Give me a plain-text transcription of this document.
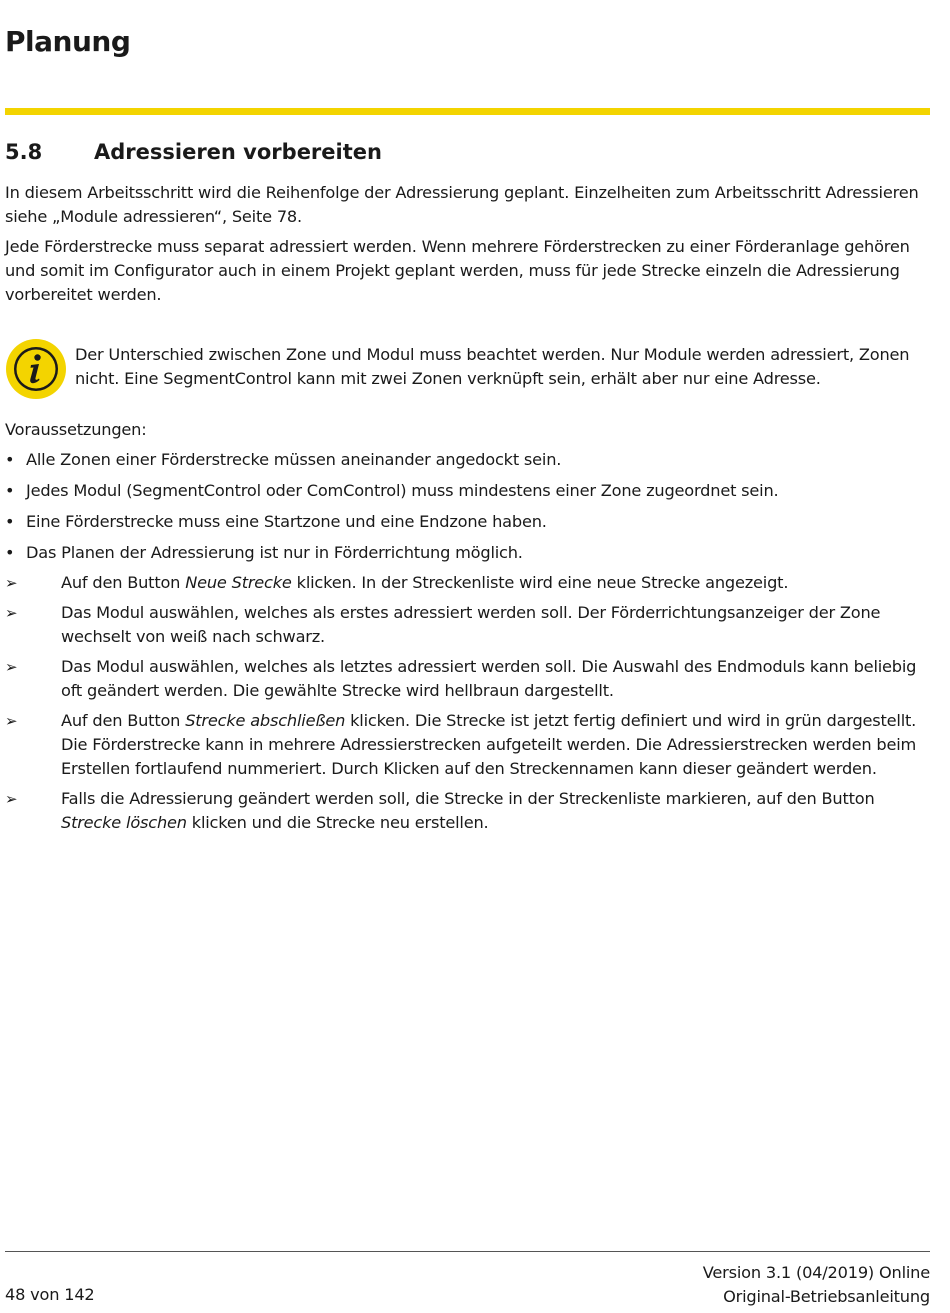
Planung
5.8 Adressieren vorbereiten

In diesem Arbeitsschritt wird die Reihenfolge der Adressierung geplant. Einzelheiten zum Arbeitsschritt Adressieren siehe „Module adressieren“, Seite 78.

Jede Förderstrecke muss separat adressiert werden. Wenn mehrere Förderstrecken zu einer Förderanlage gehören und somit im Configurator auch in einem Projekt geplant werden, muss für jede Strecke einzeln die Adressierung vorbereitet werden.

Der Unterschied zwischen Zone und Modul muss beachtet werden. Nur Module werden adressiert, Zonen nicht. Eine SegmentControl kann mit zwei Zonen verknüpft sein, erhält aber nur eine Adresse.

Voraussetzungen:
• Alle Zonen einer Förderstrecke müssen aneinander angedockt sein.
• Jedes Modul (SegmentControl oder ComControl) muss mindestens einer Zone zugeordnet sein.
• Eine Förderstrecke muss eine Startzone und eine Endzone haben.
• Das Planen der Adressierung ist nur in Förderrichtung möglich.
➢	Auf den Button Neue Strecke klicken. In der Streckenliste wird eine neue Strecke angezeigt.
➢	Das Modul auswählen, welches als erstes adressiert werden soll. Der Förderrichtungsanzeiger der Zone wechselt von weiß nach schwarz.
➢	Das Modul auswählen, welches als letztes adressiert werden soll. Die Auswahl des Endmoduls kann beliebig oft geändert werden. Die gewählte Strecke wird hellbraun dargestellt.
➢	Auf den Button Strecke abschließen klicken. Die Strecke ist jetzt fertig definiert und wird in grün dargestellt. Die Förderstrecke kann in mehrere Adressierstrecken aufgeteilt werden. Die Adressierstrecken werden beim Erstellen fortlaufend nummeriert. Durch Klicken auf den Streckennamen kann dieser geändert werden.
➢	Falls die Adressierung geändert werden soll, die Strecke in der Streckenliste markieren, auf den Button Strecke löschen klicken und die Strecke neu erstellen.
48 von 142
Version 3.1 (04/2019) Online
Original-Betriebsanleitung
